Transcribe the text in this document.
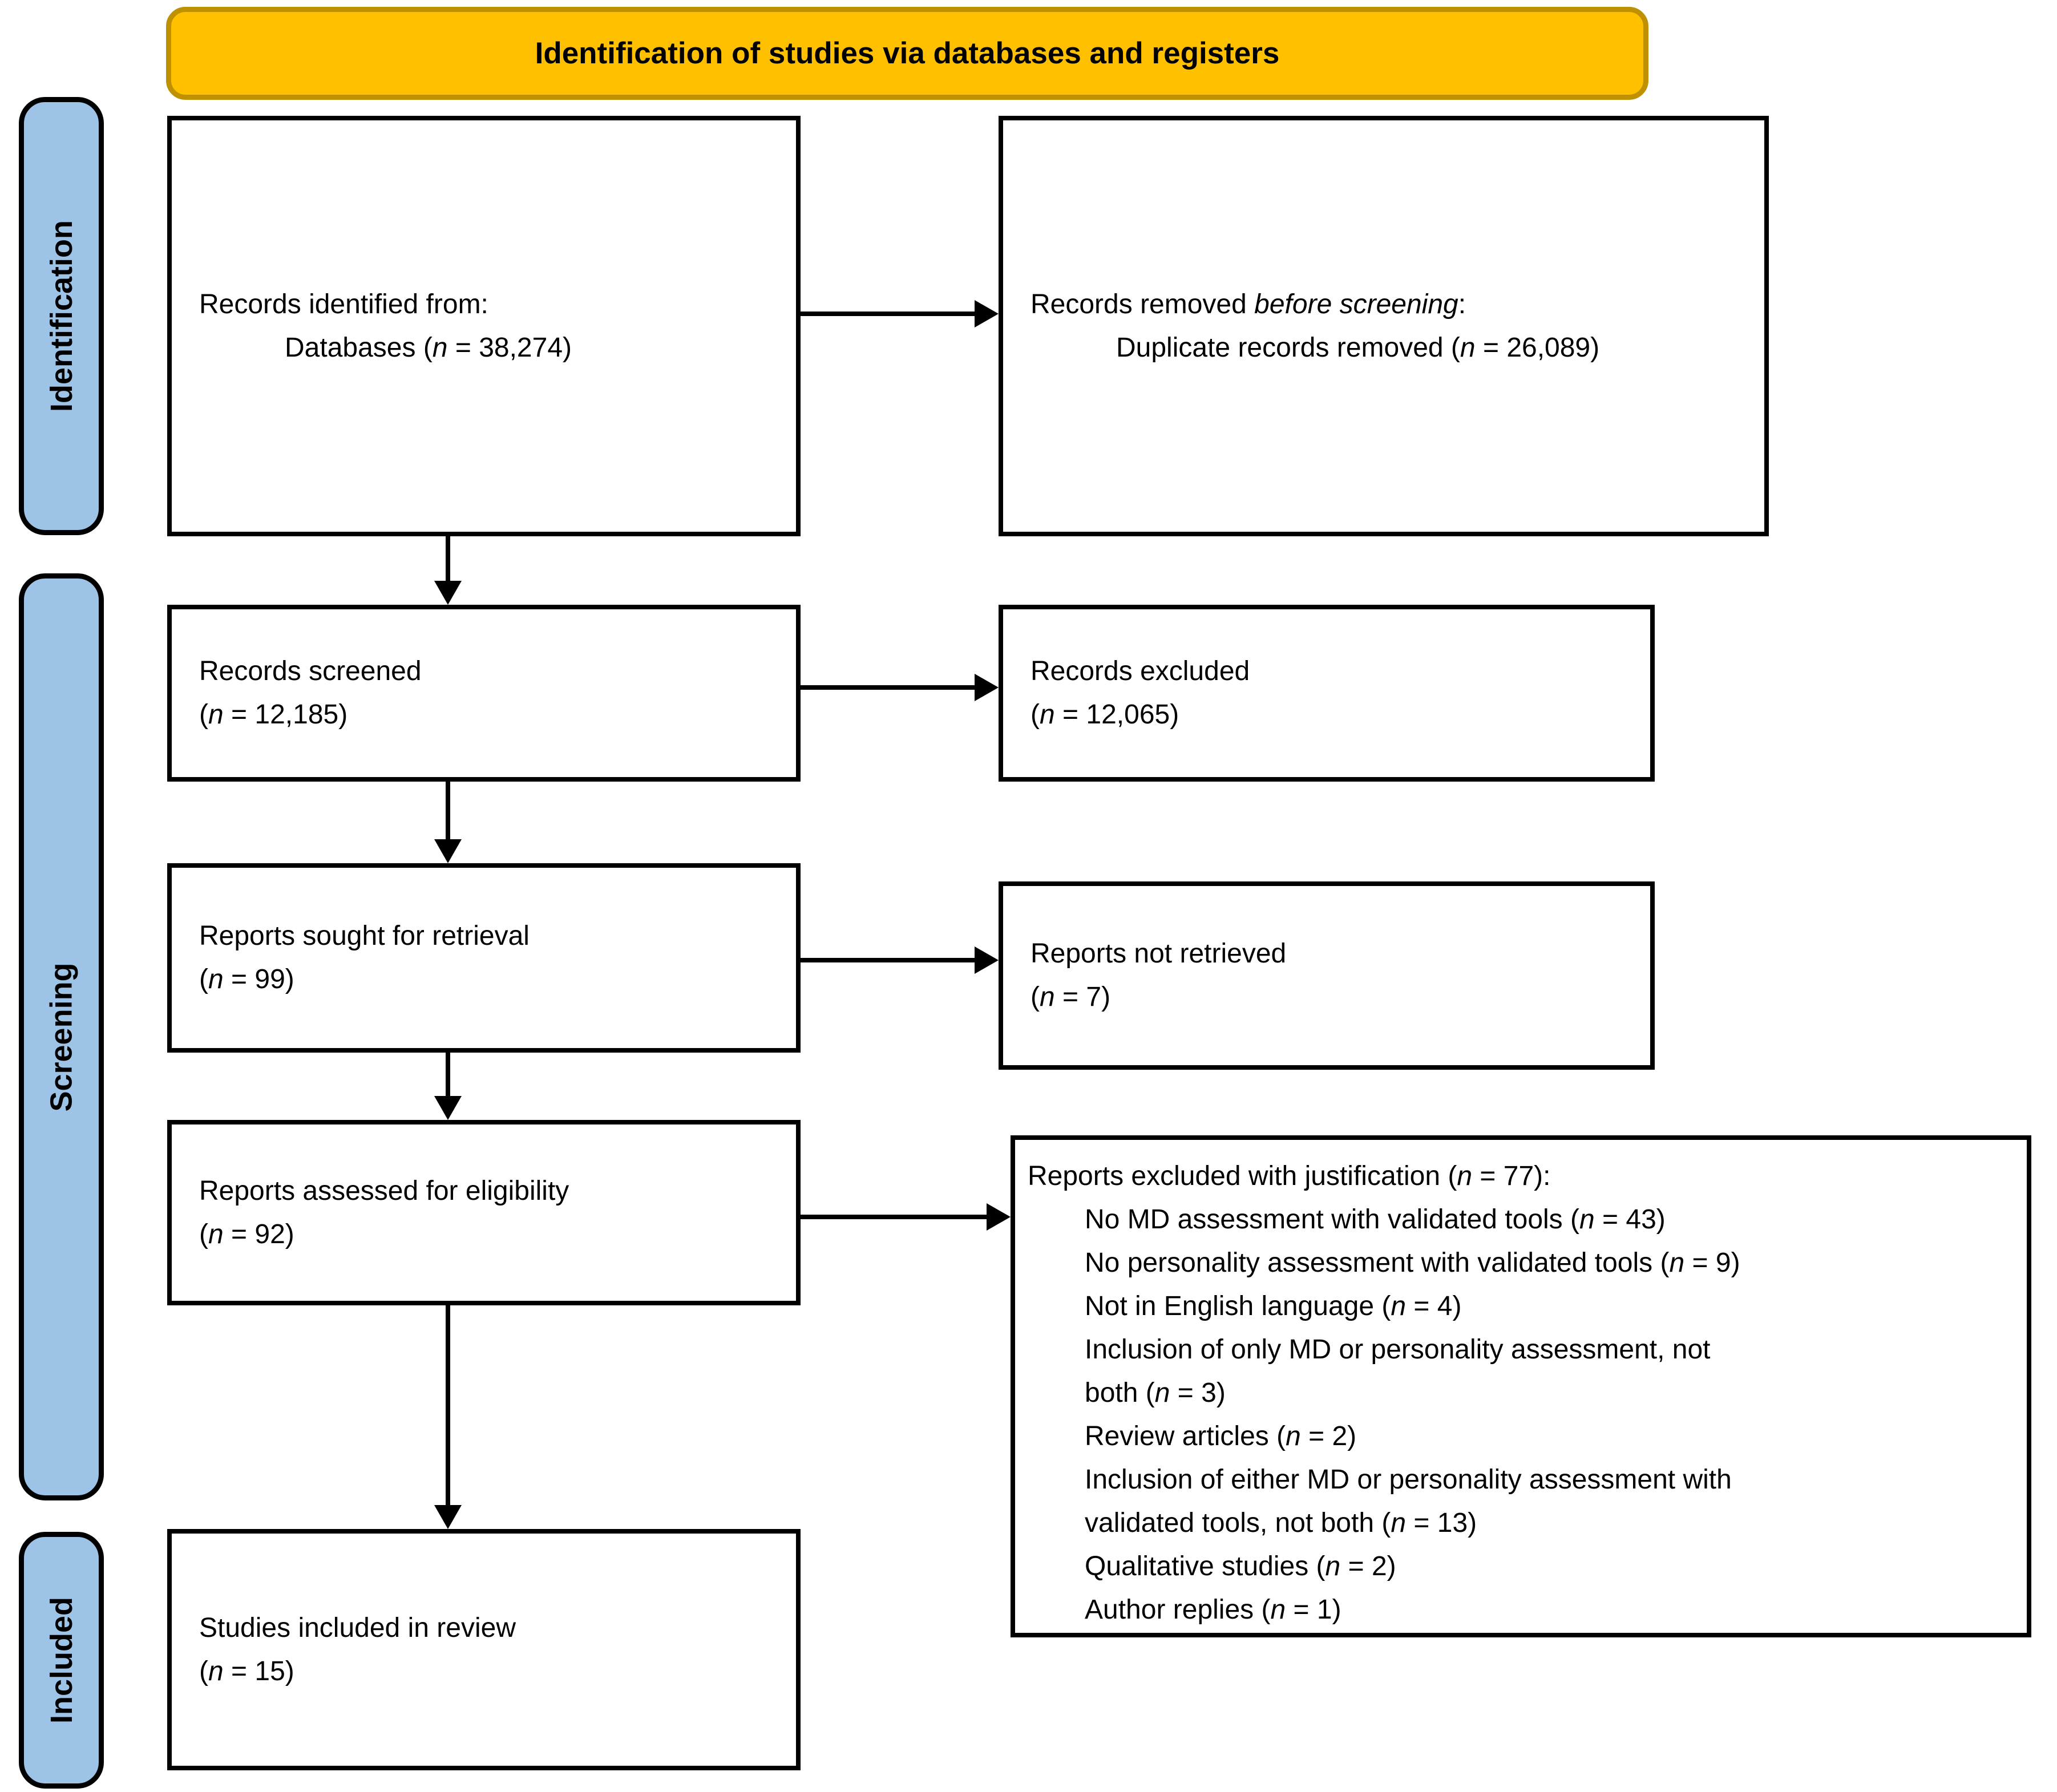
Identification of studies via databases and registers
Identification
Screening
Included
Records identified from:
Databases (n = 38,274)
Records screened
(n = 12,185)
Reports sought for retrieval
(n = 99)
Reports assessed for eligibility
(n = 92)
Studies included in review
(n = 15)
Records removed before screening:
Duplicate records removed (n = 26,089)
Records excluded
(n = 12,065)
Reports not retrieved
(n = 7)
Reports excluded with justification (n = 77):
No MD assessment with validated tools (n = 43)
No personality assessment with validated tools (n = 9)
Not in English language (n = 4)
Inclusion of only MD or personality assessment, not
both (n = 3)
Review articles (n = 2)
Inclusion of either MD or personality assessment with
validated tools, not both (n = 13)
Qualitative studies (n = 2)
Author replies (n = 1)
